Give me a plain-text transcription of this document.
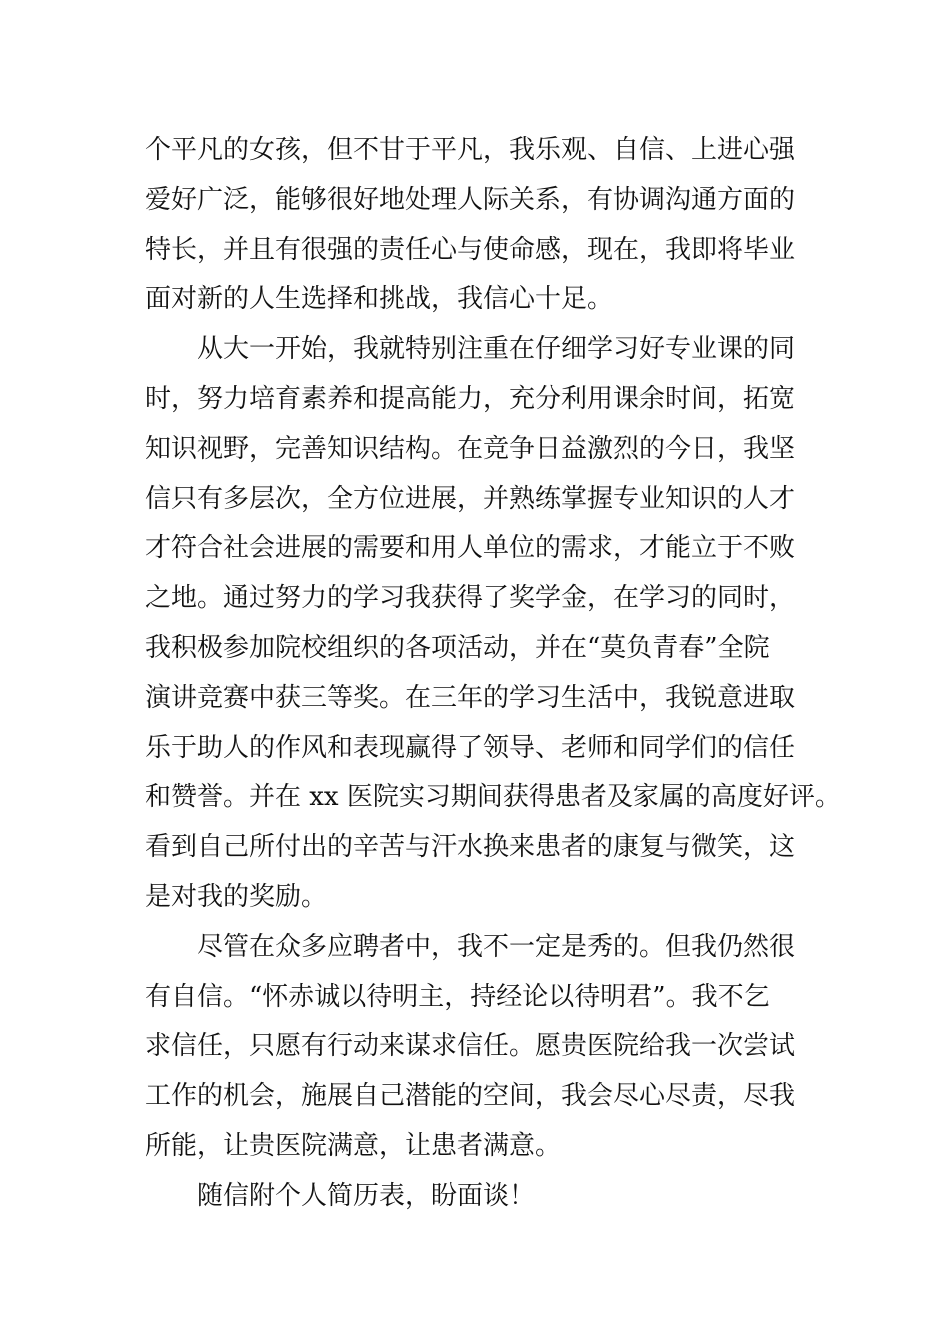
个平凡的女孩，但不甘于平凡，我乐观、自信、上进心强
爱好广泛，能够很好地处理人际关系，有协调沟通方面的
特长，并且有很强的责任心与使命感，现在，我即将毕业
面对新的人生选择和挑战，我信心十足。
从大一开始，我就特别注重在仔细学习好专业课的同
时，努力培育素养和提高能力，充分利用课余时间，拓宽
知识视野，完善知识结构。在竞争日益激烈的今日，我坚
信只有多层次，全方位进展，并熟练掌握专业知识的人才
才符合社会进展的需要和用人单位的需求，才能立于不败
之地。通过努力的学习我获得了奖学金，在学习的同时，
我积极参加院校组织的各项活动，并在“莫负青春”全院
演讲竞赛中获三等奖。在三年的学习生活中，我锐意进取
乐于助人的作风和表现赢得了领导、老师和同学们的信任
和赞誉。并在 xx 医院实习期间获得患者及家属的高度好评。
看到自己所付出的辛苦与汗水换来患者的康复与微笑，这
是对我的奖励。
尽管在众多应聘者中，我不一定是秀的。但我仍然很
有自信。“怀赤诚以待明主，持经论以待明君”。我不乞
求信任，只愿有行动来谋求信任。愿贵医院给我一次尝试
工作的机会，施展自己潜能的空间，我会尽心尽责，尽我
所能，让贵医院满意，让患者满意。
随信附个人简历表，盼面谈！
